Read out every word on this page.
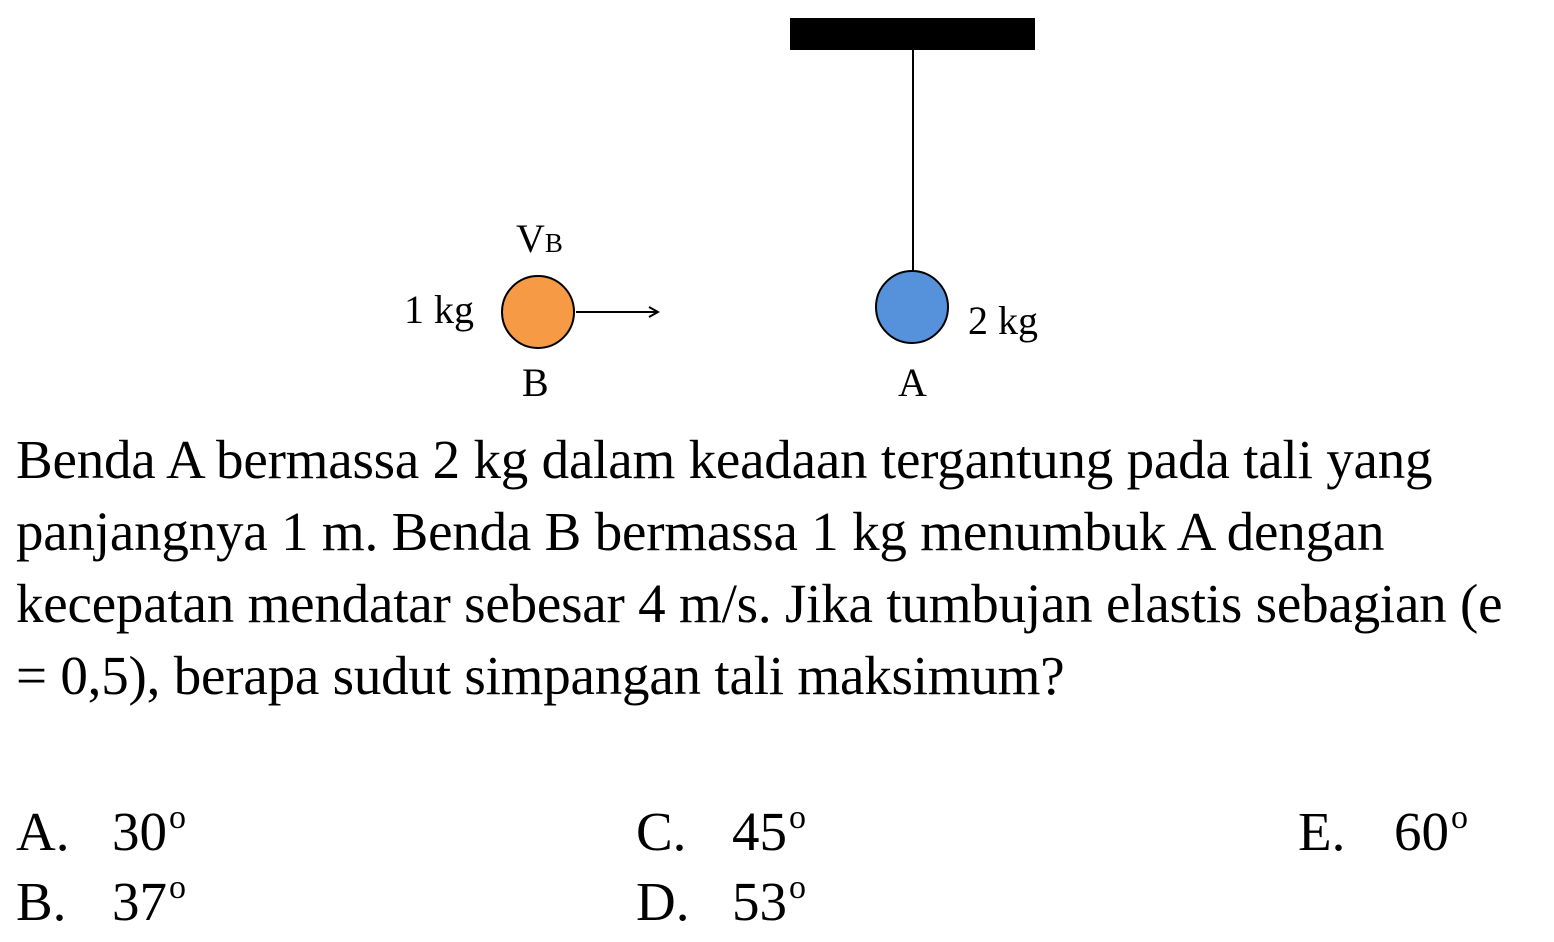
2 kg
A
1 kg
B
VB

Benda A bermassa 2 kg dalam keadaan tergantung pada tali yang panjangnya 1 m. Benda B bermassa 1 kg menumbuk A dengan kecepatan mendatar sebesar 4 m/s. Jika tumbujan elastis sebagian (e = 0,5), berapa sudut simpangan tali maksimum?

A. 30$^o$
B. 37$^o$
C. 45$^o$
D. 53$^o$
E. 60$^o$
